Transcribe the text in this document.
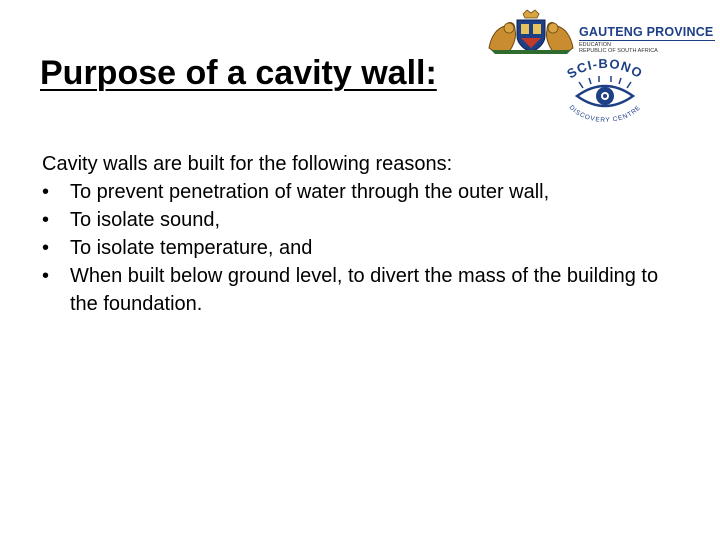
Purpose of a cavity wall:
GAUTENG PROVINCE
EDUCATION
REPUBLIC OF SOUTH AFRICA
SCI-BONO
DISCOVERY CENTRE

Cavity walls are built for the following reasons:

• To prevent penetration of water through the outer wall,
• To isolate sound,
• To isolate temperature, and
• When built below ground level, to divert the mass of the building to the foundation.
